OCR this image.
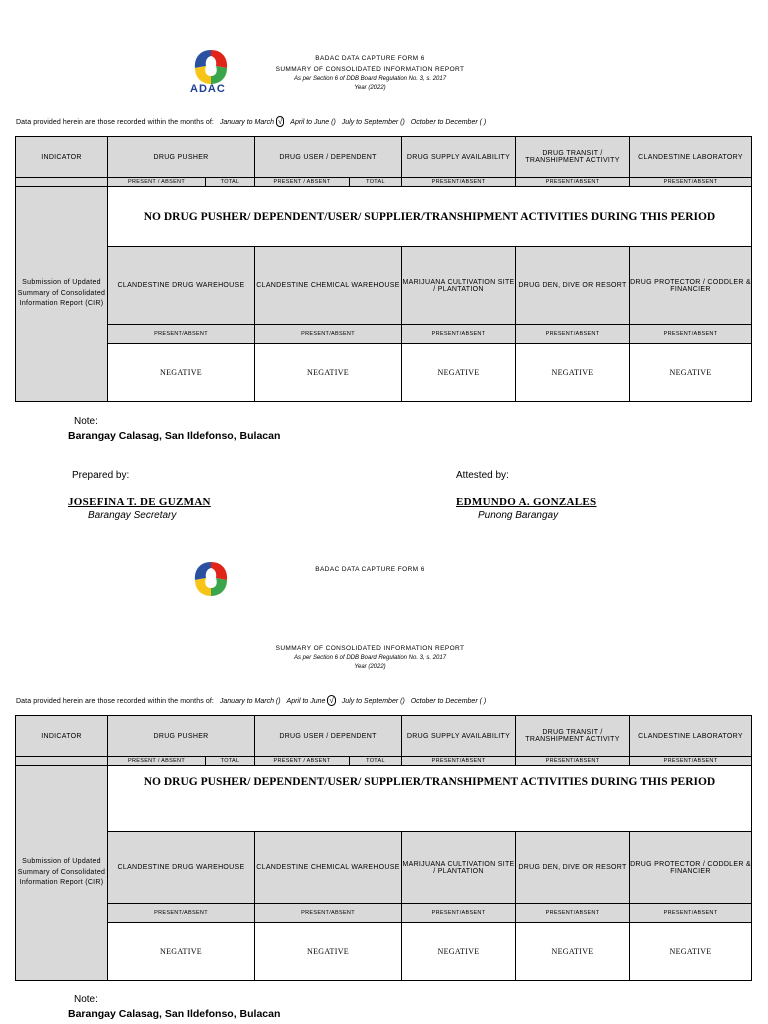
ADAC
BADAC DATA CAPTURE FORM 6
SUMMARY OF CONSOLIDATED INFORMATION REPORT
As per Section 6 of DDB Board Regulation No. 3, s. 2017
Year (2022)
Data provided herein are those recorded within the months of: January to March √ April to June () July to September () October to December ( )
INDICATOR	DRUG PUSHER		DRUG USER / DEPENDENT		DRUG SUPPLY AVAILABILITY	DRUG TRANSIT / TRANSHIPMENT ACTIVITY	CLANDESTINE LABORATORY
	PRESENT / ABSENT	TOTAL	PRESENT / ABSENT	TOTAL	PRESENT/ABSENT	PRESENT/ABSENT	PRESENT/ABSENT
Submission of Updated Summary of Consolidated Information Report (CIR)	NO DRUG PUSHER/ DEPENDENT/USER/ SUPPLIER/TRANSHIPMENT ACTIVITIES DURING THIS PERIOD						
	CLANDESTINE DRUG WAREHOUSE		CLANDESTINE CHEMICAL WAREHOUSE		MARIJUANA CULTIVATION SITE / PLANTATION	DRUG DEN, DIVE OR RESORT	DRUG PROTECTOR / CODDLER & FINANCIER
	PRESENT/ABSENT		PRESENT/ABSENT		PRESENT/ABSENT	PRESENT/ABSENT	PRESENT/ABSENT
	NEGATIVE		NEGATIVE		NEGATIVE	NEGATIVE	NEGATIVE
Note:
Barangay Calasag, San Ildefonso, Bulacan
Prepared by:	Attested by:
JOSEFINA T. DE GUZMAN	EDMUNDO A. GONZALES
Barangay Secretary	Punong Barangay
BADAC DATA CAPTURE FORM 6
SUMMARY OF CONSOLIDATED INFORMATION REPORT
As per Section 6 of DDB Board Regulation No. 3, s. 2017
Year (2022)
Data provided herein are those recorded within the months of: January to March () April to June √ July to September () October to December ( )
INDICATOR	DRUG PUSHER		DRUG USER / DEPENDENT		DRUG SUPPLY AVAILABILITY	DRUG TRANSIT / TRANSHIPMENT ACTIVITY	CLANDESTINE LABORATORY
	PRESENT / ABSENT	TOTAL	PRESENT / ABSENT	TOTAL	PRESENT/ABSENT	PRESENT/ABSENT	PRESENT/ABSENT
Submission of Updated Summary of Consolidated Information Report (CIR)	NO DRUG PUSHER/ DEPENDENT/USER/ SUPPLIER/TRANSHIPMENT ACTIVITIES DURING THIS PERIOD						
	CLANDESTINE DRUG WAREHOUSE		CLANDESTINE CHEMICAL WAREHOUSE		MARIJUANA CULTIVATION SITE / PLANTATION	DRUG DEN, DIVE OR RESORT	DRUG PROTECTOR / CODDLER & FINANCIER
	PRESENT/ABSENT		PRESENT/ABSENT		PRESENT/ABSENT	PRESENT/ABSENT	PRESENT/ABSENT
	NEGATIVE		NEGATIVE		NEGATIVE	NEGATIVE	NEGATIVE
Note:
Barangay Calasag, San Ildefonso, Bulacan
